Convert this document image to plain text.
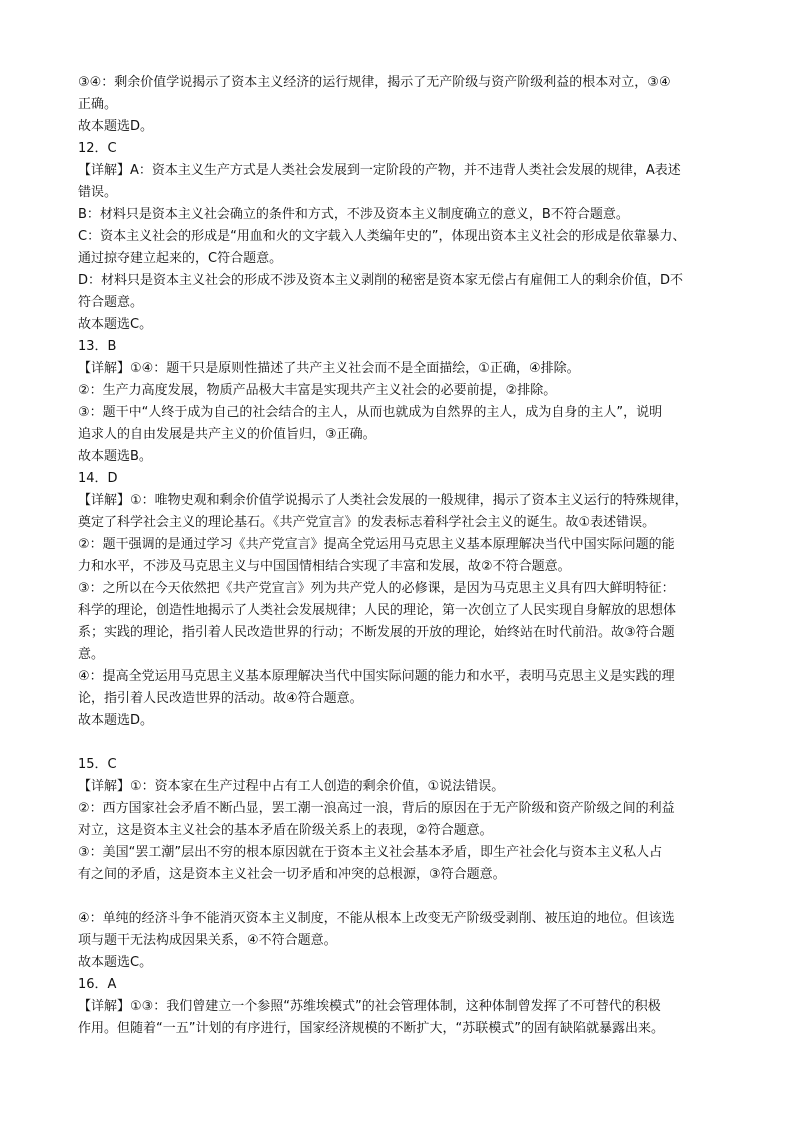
③④：剩余价值学说揭示了资本主义经济的运行规律，揭示了无产阶级与资产阶级利益的根本对立，③④
正确。
故本题选D。
12．C
【详解】A：资本主义生产方式是人类社会发展到一定阶段的产物，并不违背人类社会发展的规律，A表述
错误。
B：材料只是资本主义社会确立的条件和方式，不涉及资本主义制度确立的意义，B不符合题意。
C：资本主义社会的形成是“用血和火的文字载入人类编年史的”，体现出资本主义社会的形成是依靠暴力、
通过掠夺建立起来的，C符合题意。
D：材料只是资本主义社会的形成不涉及资本主义剥削的秘密是资本家无偿占有雇佣工人的剩余价值，D不
符合题意。
故本题选C。
13．B
【详解】①④：题干只是原则性描述了共产主义社会而不是全面描绘，①正确，④排除。
②：生产力高度发展，物质产品极大丰富是实现共产主义社会的必要前提，②排除。
③：题干中“人终于成为自己的社会结合的主人，从而也就成为自然界的主人，成为自身的主人”，说明
追求人的自由发展是共产主义的价值旨归，③正确。
故本题选B。
14．D
【详解】①：唯物史观和剩余价值学说揭示了人类社会发展的一般规律，揭示了资本主义运行的特殊规律，
奠定了科学社会主义的理论基石。《共产党宣言》的发表标志着科学社会主义的诞生。故①表述错误。
②：题干强调的是通过学习《共产党宣言》提高全党运用马克思主义基本原理解决当代中国实际问题的能
力和水平，不涉及马克思主义与中国国情相结合实现了丰富和发展，故②不符合题意。
③：之所以在今天依然把《共产党宣言》列为共产党人的必修课，是因为马克思主义具有四大鲜明特征：
科学的理论，创造性地揭示了人类社会发展规律；人民的理论，第一次创立了人民实现自身解放的思想体
系；实践的理论，指引着人民改造世界的行动；不断发展的开放的理论，始终站在时代前沿。故③符合题
意。
④：提高全党运用马克思主义基本原理解决当代中国实际问题的能力和水平，表明马克思主义是实践的理
论，指引着人民改造世界的活动。故④符合题意。
故本题选D。
15．C
【详解】①：资本家在生产过程中占有工人创造的剩余价值，①说法错误。
②：西方国家社会矛盾不断凸显，罢工潮一浪高过一浪，背后的原因在于无产阶级和资产阶级之间的利益
对立，这是资本主义社会的基本矛盾在阶级关系上的表现，②符合题意。
③：美国“罢工潮”层出不穷的根本原因就在于资本主义社会基本矛盾，即生产社会化与资本主义私人占
有之间的矛盾，这是资本主义社会一切矛盾和冲突的总根源，③符合题意。
④：单纯的经济斗争不能消灭资本主义制度，不能从根本上改变无产阶级受剥削、被压迫的地位。但该选
项与题干无法构成因果关系，④不符合题意。
故本题选C。
16．A
【详解】①③：我们曾建立一个参照“苏维埃模式”的社会管理体制，这种体制曾发挥了不可替代的积极
作用。但随着“一五”计划的有序进行，国家经济规模的不断扩大，“苏联模式”的固有缺陷就暴露出来。
